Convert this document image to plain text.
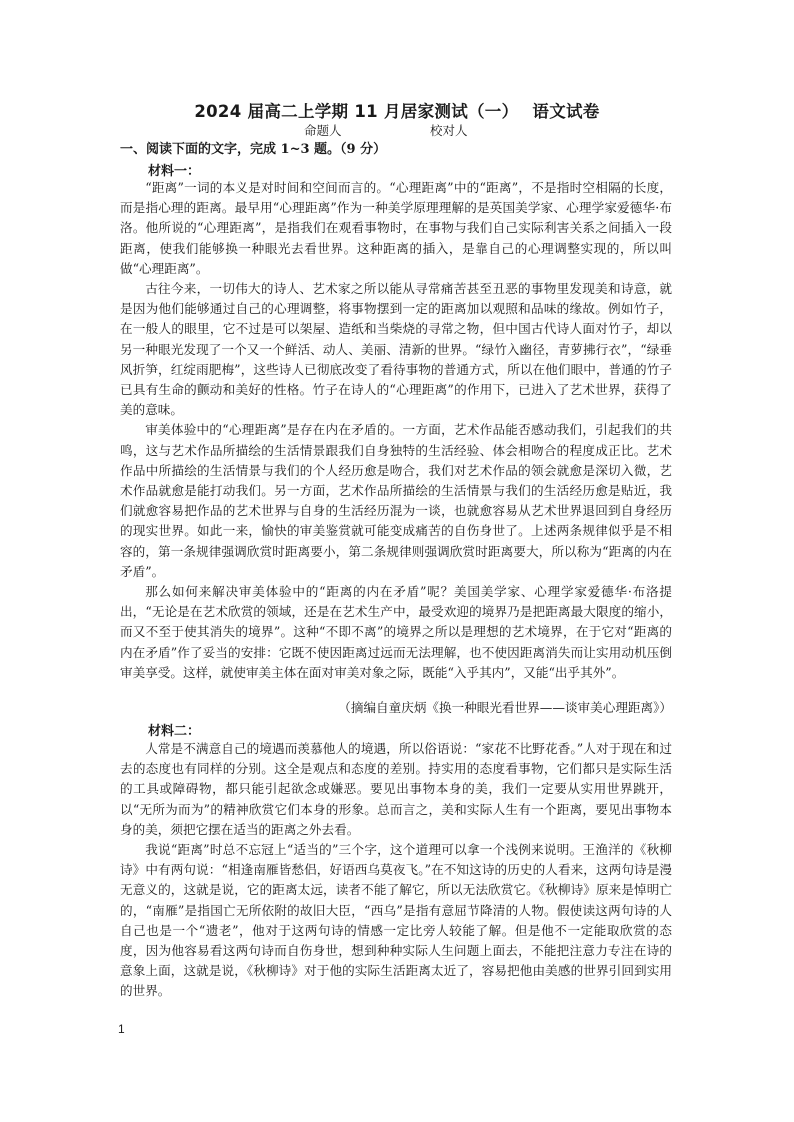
2024 届高二上学期 11 月居家测试（一） 语文试卷
命题人	校对人
一、阅读下面的文字，完成 1~3 题。（9 分）
材料一：

“距离”一词的本义是对时间和空间而言的。“心理距离”中的“距离”，不是指时空相隔的长度，而是指心理的距离。最早用“心理距离”作为一种美学原理理解的是英国美学家、心理学家爱德华·布洛。他所说的“心理距离”，是指我们在观看事物时，在事物与我们自己实际利害关系之间插入一段距离，使我们能够换一种眼光去看世界。这种距离的插入，是靠自己的心理调整实现的，所以叫做“心理距离”。

古往今来，一切伟大的诗人、艺术家之所以能从寻常痛苦甚至丑恶的事物里发现美和诗意，就是因为他们能够通过自己的心理调整，将事物摆到一定的距离加以观照和品味的缘故。例如竹子，在一般人的眼里，它不过是可以架屋、造纸和当柴烧的寻常之物，但中国古代诗人面对竹子，却以另一种眼光发现了一个又一个鲜活、动人、美丽、清新的世界。“绿竹入幽径，青萝拂行衣”，“绿垂风折笋，红绽雨肥梅”，这些诗人已彻底改变了看待事物的普通方式，所以在他们眼中，普通的竹子已具有生命的颤动和美好的性格。竹子在诗人的“心理距离”的作用下，已进入了艺术世界，获得了美的意味。

审美体验中的“心理距离”是存在内在矛盾的。一方面，艺术作品能否感动我们，引起我们的共鸣，这与艺术作品所描绘的生活情景跟我们自身独特的生活经验、体会相吻合的程度成正比。艺术作品中所描绘的生活情景与我们的个人经历愈是吻合，我们对艺术作品的领会就愈是深切入微，艺术作品就愈是能打动我们。另一方面，艺术作品所描绘的生活情景与我们的生活经历愈是贴近，我们就愈容易把作品的艺术世界与自身的生活经历混为一谈，也就愈容易从艺术世界退回到自身经历的现实世界。如此一来，愉快的审美鉴赏就可能变成痛苦的自伤身世了。上述两条规律似乎是不相容的，第一条规律强调欣赏时距离要小，第二条规律则强调欣赏时距离要大，所以称为“距离的内在矛盾”。

那么如何来解决审美体验中的“距离的内在矛盾”呢？美国美学家、心理学家爱德华·布洛提出，“无论是在艺术欣赏的领域，还是在艺术生产中，最受欢迎的境界乃是把距离最大限度的缩小，而又不至于使其消失的境界”。这种“不即不离”的境界之所以是理想的艺术境界，在于它对“距离的内在矛盾”作了妥当的安排：它既不使因距离过远而无法理解，也不使因距离消失而让实用动机压倒审美享受。这样，就使审美主体在面对审美对象之际，既能“入乎其内”，又能“出乎其外”。

（摘编自童庆炳《换一种眼光看世界——谈审美心理距离》）
材料二：

人常是不满意自己的境遇而羡慕他人的境遇，所以俗语说：“家花不比野花香。”人对于现在和过去的态度也有同样的分别。这全是观点和态度的差别。持实用的态度看事物，它们都只是实际生活的工具或障碍物，都只能引起欲念或嫌恶。要见出事物本身的美，我们一定要从实用世界跳开，以“无所为而为”的精神欣赏它们本身的形象。总而言之，美和实际人生有一个距离，要见出事物本身的美，须把它摆在适当的距离之外去看。

我说“距离”时总不忘冠上“适当的”三个字，这个道理可以拿一个浅例来说明。王渔洋的《秋柳诗》中有两句说：“相逢南雁皆愁侣，好语西乌莫夜飞。”在不知这诗的历史的人看来，这两句诗是漫无意义的，这就是说，它的距离太远，读者不能了解它，所以无法欣赏它。《秋柳诗》原来是悼明亡的，“南雁”是指国亡无所依附的故旧大臣，“西乌”是指有意屈节降清的人物。假使读这两句诗的人自己也是一个“遗老”，他对于这两句诗的情感一定比旁人较能了解。但是他不一定能取欣赏的态度，因为他容易看这两句诗而自伤身世，想到种种实际人生问题上面去，不能把注意力专注在诗的意象上面，这就是说，《秋柳诗》对于他的实际生活距离太近了，容易把他由美感的世界引回到实用的世界。

1
